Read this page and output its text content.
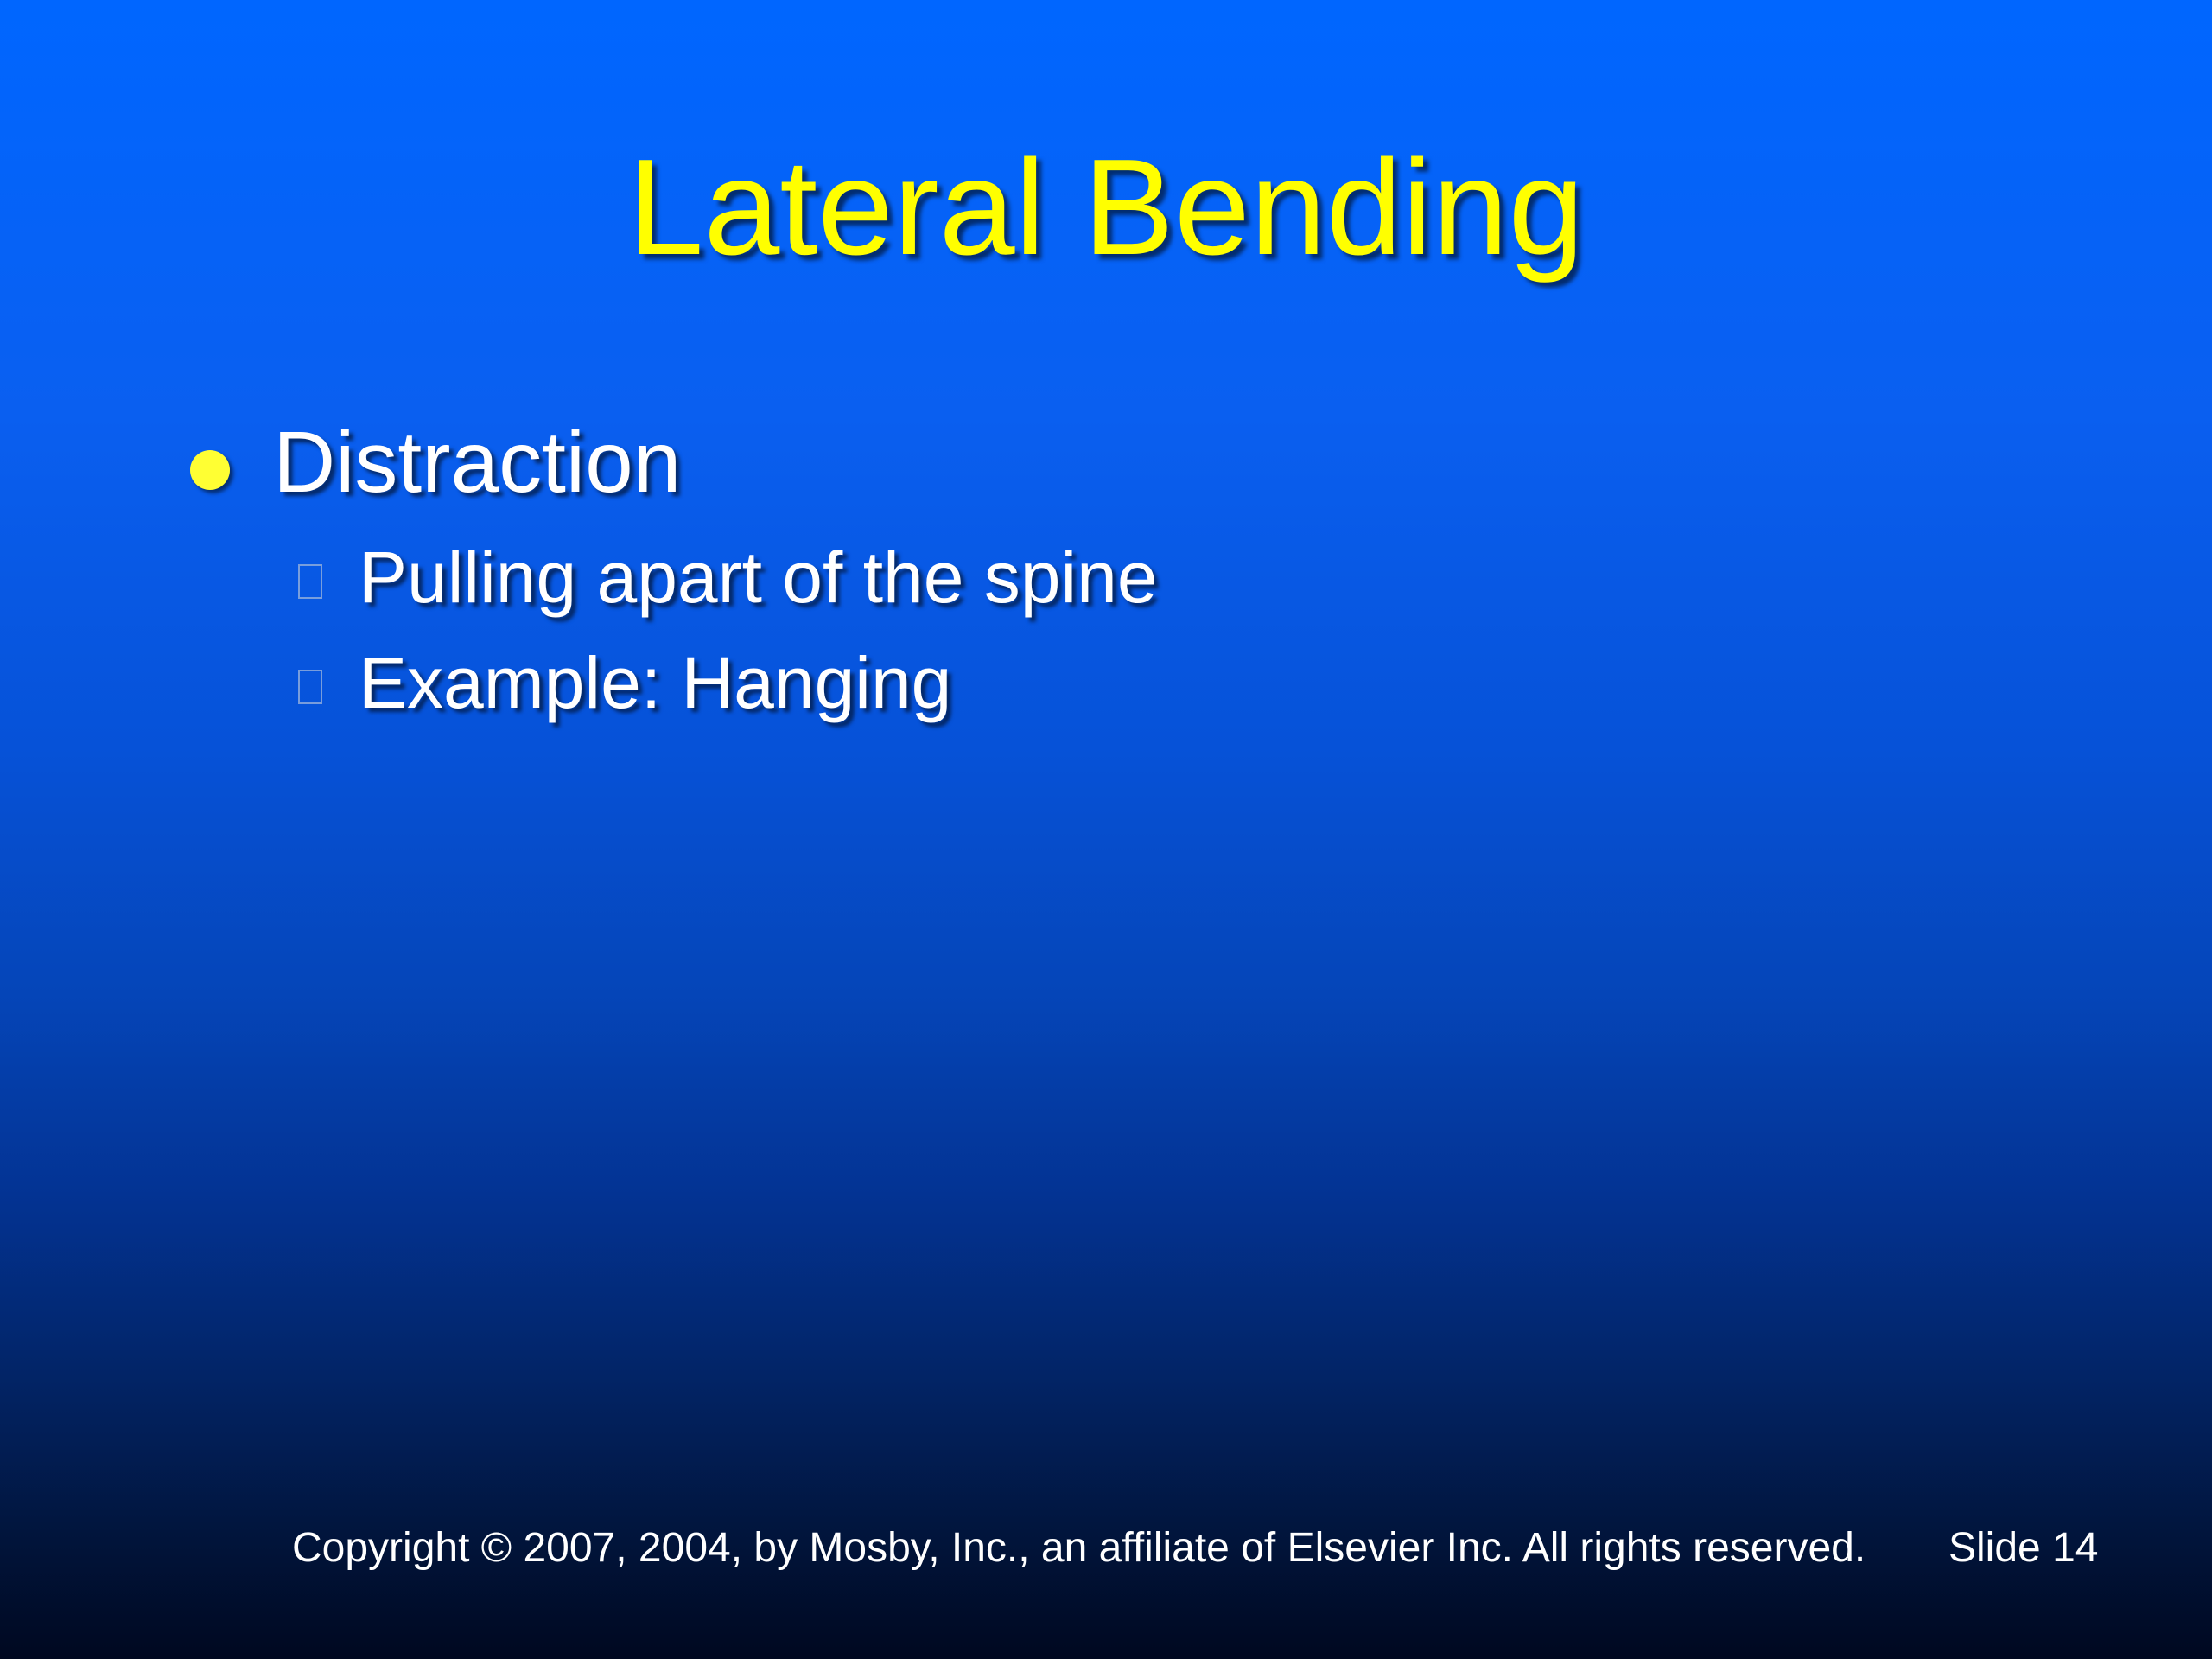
Lateral Bending
Distraction
Pulling apart of the spine
Example: Hanging
Copyright © 2007, 2004, by Mosby, Inc., an affiliate of Elsevier Inc. All rights reserved. Slide 14
